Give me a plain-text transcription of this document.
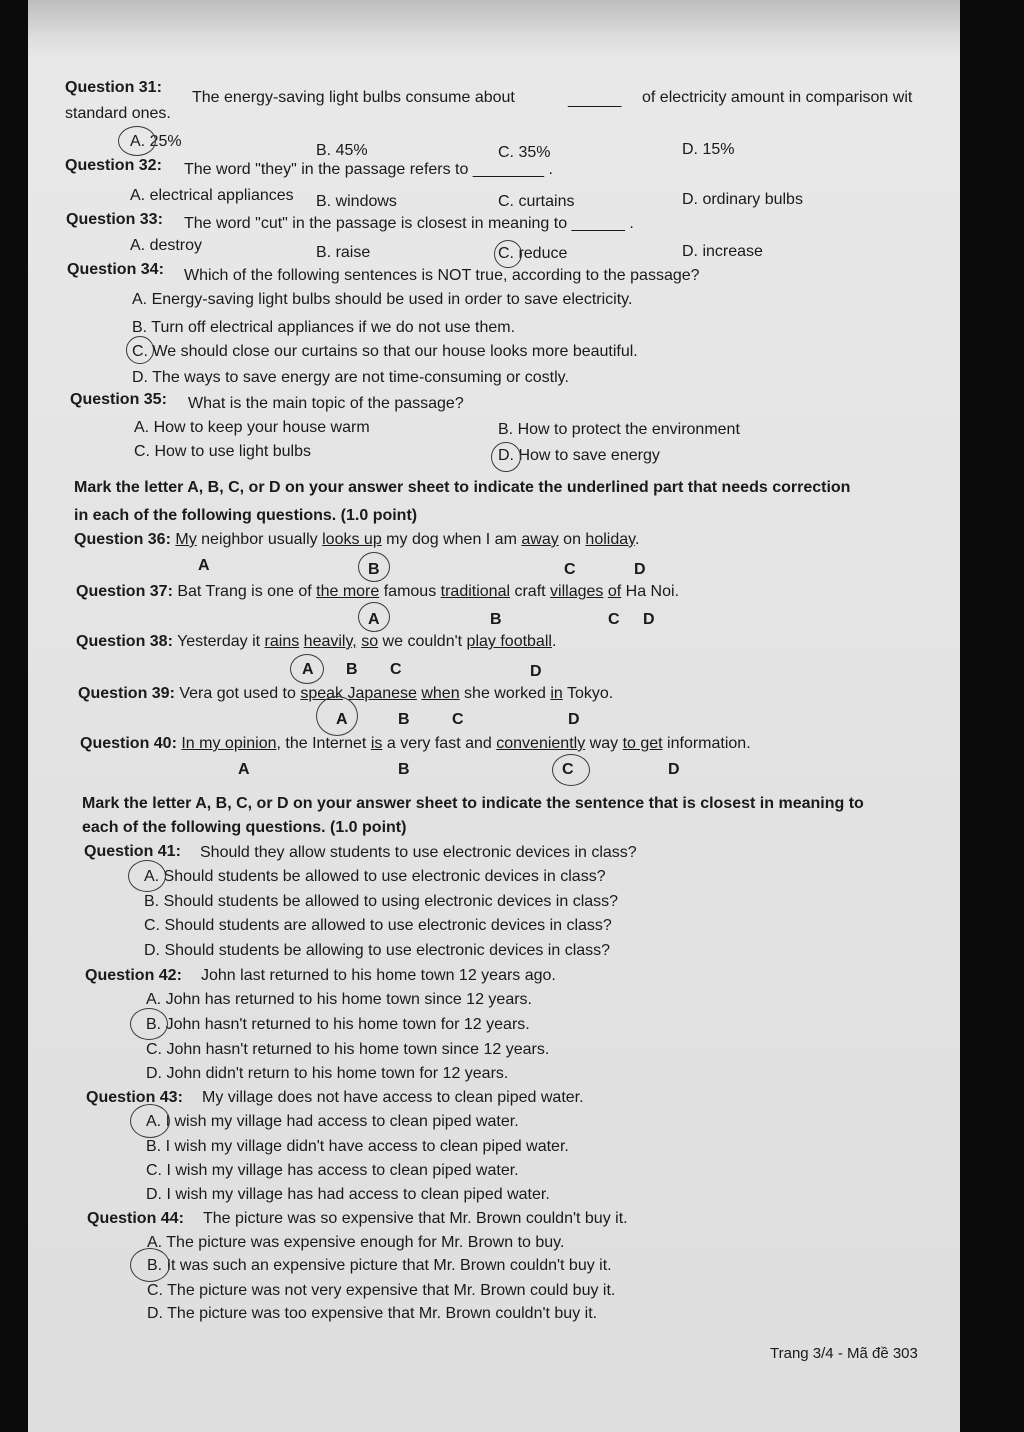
Question 31:
The energy-saving light bulbs consume about	______ of electricity amount in comparison wit
standard ones.
A. 25%
B. 45%	C. 35%	D. 15%
Question 32: The word "they" in the passage refers to ________ .
A. electrical appliances B. windows	C. curtains	D. ordinary bulbs
Question 33: The word "cut" in the passage is closest in meaning to ______ .
A. destroy	B. raise	C. reduce	D. increase
Question 34: Which of the following sentences is NOT true, according to the passage?
A. Energy-saving light bulbs should be used in order to save electricity.
B. Turn off electrical appliances if we do not use them.
C. We should close our curtains so that our house looks more beautiful.
D. The ways to save energy are not time-consuming or costly.
Question 35: What is the main topic of the passage?
A. How to keep your house warm	B. How to protect the environment
C. How to use light bulbs	D. How to save energy
Mark the letter A, B, C, or D on your answer sheet to indicate the underlined part that needs correction
in each of the following questions. (1.0 point)
Question 36: My neighbor usually looks up my dog when I am away on holiday.
A	B	C	D
Question 37: Bat Trang is one of the more famous traditional craft villages of Ha Noi.
A	B	C D
Question 38: Yesterday it rains heavily, so we couldn't play football.
A B C	D
Question 39: Vera got used to speak Japanese when she worked in Tokyo.
A	B	C	D
Question 40: In my opinion, the Internet is a very fast and conveniently way to get information.
A	B	C	D
Mark the letter A, B, C, or D on your answer sheet to indicate the sentence that is closest in meaning to
each of the following questions. (1.0 point)
Question 41: Should they allow students to use electronic devices in class?
A. Should students be allowed to use electronic devices in class?
B. Should students be allowed to using electronic devices in class?
C. Should students are allowed to use electronic devices in class?
D. Should students be allowing to use electronic devices in class?
Question 42: John last returned to his home town 12 years ago.
A. John has returned to his home town since 12 years.
B. John hasn't returned to his home town for 12 years.
C. John hasn't returned to his home town since 12 years.
D. John didn't return to his home town for 12 years.
Question 43: My village does not have access to clean piped water.
A. I wish my village had access to clean piped water.
B. I wish my village didn't have access to clean piped water.
C. I wish my village has access to clean piped water.
D. I wish my village has had access to clean piped water.
Question 44: The picture was so expensive that Mr. Brown couldn't buy it.
A. The picture was expensive enough for Mr. Brown to buy.
B. It was such an expensive picture that Mr. Brown couldn't buy it.
C. The picture was not very expensive that Mr. Brown could buy it.
D. The picture was too expensive that Mr. Brown couldn't buy it.
Trang 3/4 - Mã đề 303
